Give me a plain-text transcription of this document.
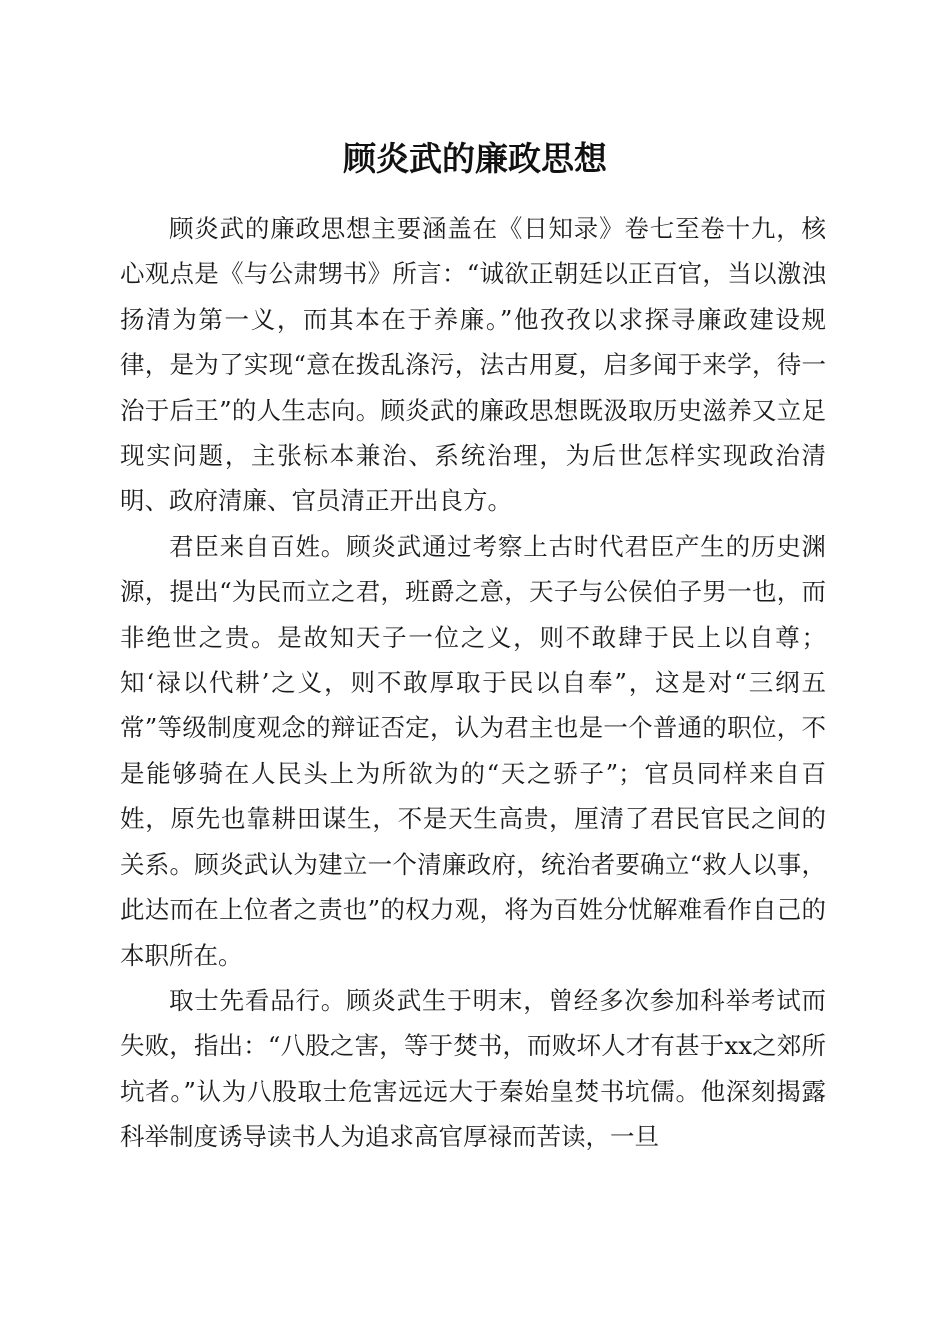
顾炎武的廉政思想

顾炎武的廉政思想主要涵盖在《日知录》卷七至卷十九，核心观点是《与公肃甥书》所言：“诚欲正朝廷以正百官，当以激浊扬清为第一义，而其本在于养廉。”他孜孜以求探寻廉政建设规律，是为了实现“意在拨乱涤污，法古用夏，启多闻于来学，待一治于后王”的人生志向。顾炎武的廉政思想既汲取历史滋养又立足现实问题，主张标本兼治、系统治理，为后世怎样实现政治清明、政府清廉、官员清正开出良方。

君臣来自百姓。顾炎武通过考察上古时代君臣产生的历史渊源，提出“为民而立之君，班爵之意，天子与公侯伯子男一也，而非绝世之贵。是故知天子一位之义，则不敢肆于民上以自尊；知‘禄以代耕’之义，则不敢厚取于民以自奉”，这是对“三纲五常”等级制度观念的辩证否定，认为君主也是一个普通的职位，不是能够骑在人民头上为所欲为的“天之骄子”；官员同样来自百姓，原先也靠耕田谋生，不是天生高贵，厘清了君民官民之间的关系。顾炎武认为建立一个清廉政府，统治者要确立“救人以事，此达而在上位者之责也”的权力观，将为百姓分忧解难看作自己的本职所在。

取士先看品行。顾炎武生于明末，曾经多次参加科举考试而失败，指出：“八股之害，等于焚书，而败坏人才有甚于xx之郊所坑者。”认为八股取士危害远远大于秦始皇焚书坑儒。他深刻揭露科举制度诱导读书人为追求高官厚禄而苦读，一旦
